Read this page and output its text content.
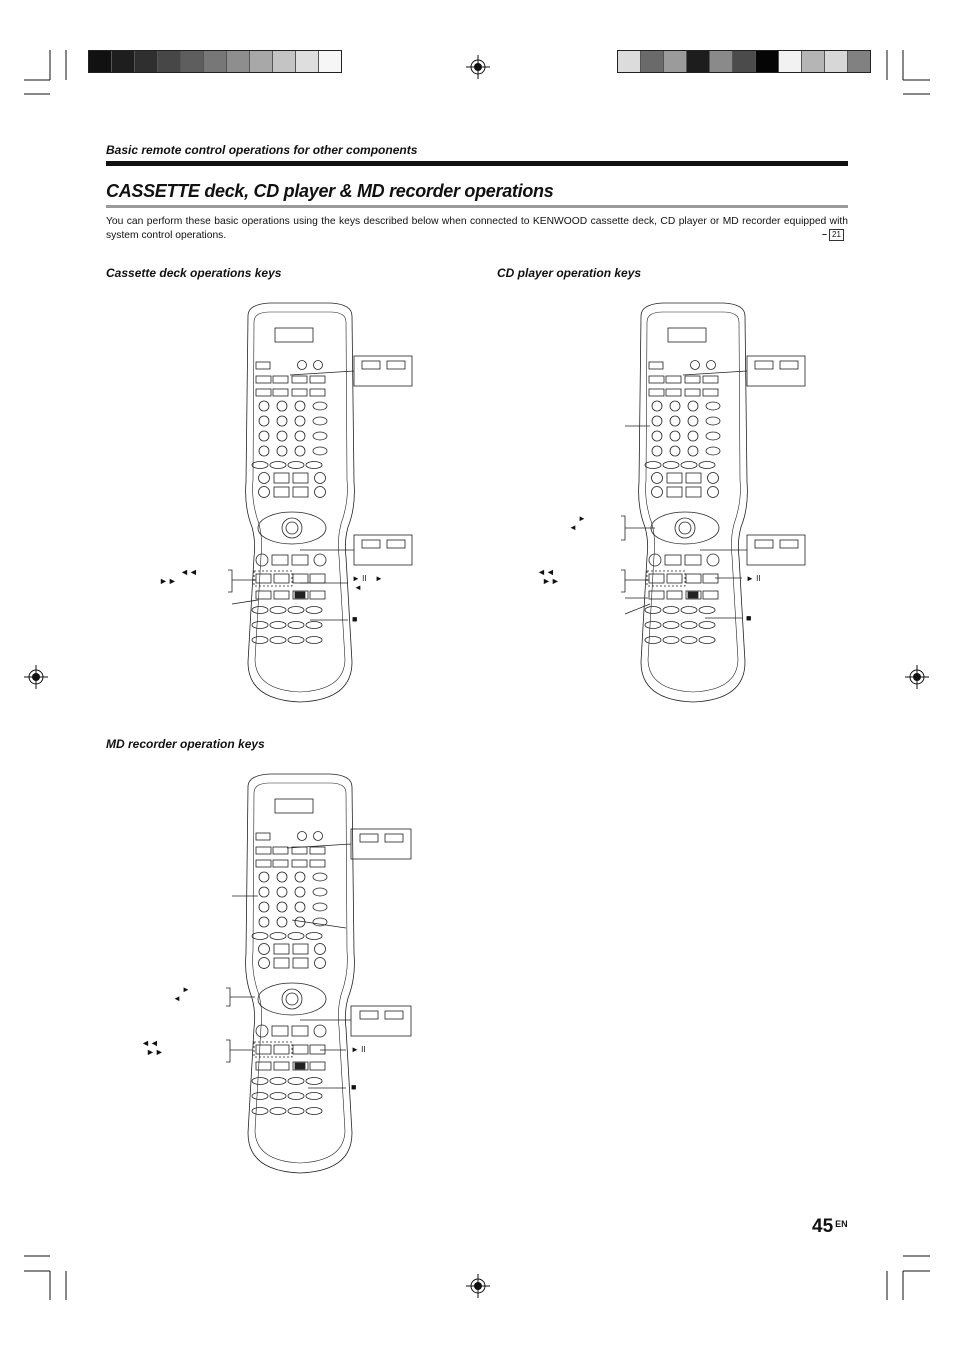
Basic remote control operations for other components
CASSETTE deck, CD player & MD recorder operations
You can perform these basic operations using the keys described below when connected to KENWOOD cassette deck, CD player or MD recorder equipped with system control operations.	– 21
Cassette deck operations keys	CD player operation keys
MD recorder operation keys
◄◄
►►	► II ►
◄
■
►
◄
◄◄
►►	► II
■
►
◄
◄◄
►►	► II
■
45 $^{EN}$
